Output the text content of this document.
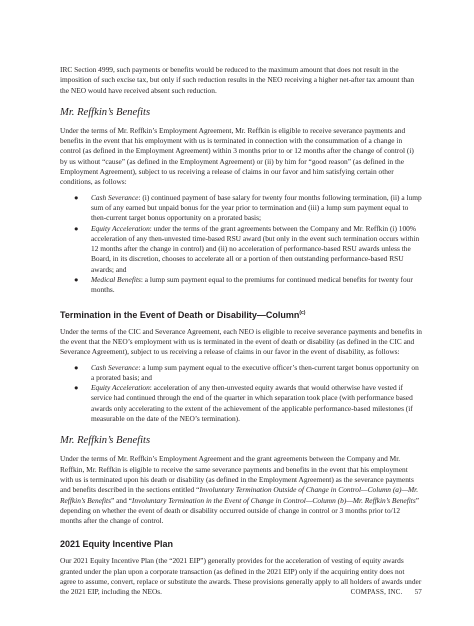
IRC Section 4999, such payments or benefits would be reduced to the maximum amount that does not result in the imposition of such excise tax, but only if such reduction results in the NEO receiving a higher net-after tax amount than the NEO would have received absent such reduction.

Mr. Reffkin’s Benefits

Under the terms of Mr. Reffkin’s Employment Agreement, Mr. Reffkin is eligible to receive severance payments and benefits in the event that his employment with us is terminated in connection with the consummation of a change in control (as defined in the Employment Agreement) within 3 months prior to or 12 months after the change of control (i) by us without “cause” (as defined in the Employment Agreement) or (ii) by him for “good reason” (as defined in the Employment Agreement), subject to us receiving a release of claims in our favor and him satisfying certain other conditions, as follows:

● Cash Severance: (i) continued payment of base salary for twenty four months following termination, (ii) a lump sum of any earned but unpaid bonus for the year prior to termination and (iii) a lump sum payment equal to then-current target bonus opportunity on a prorated basis;
● Equity Acceleration: under the terms of the grant agreements between the Company and Mr. Reffkin (i) 100% acceleration of any then-unvested time-based RSU award (but only in the event such termination occurs within 12 months after the change in control) and (ii) no acceleration of performance-based RSU awards unless the Board, in its discretion, chooses to accelerate all or a portion of then outstanding performance-based RSU awards; and
● Medical Benefits: a lump sum payment equal to the premiums for continued medical benefits for twenty four months.

Termination in the Event of Death or Disability—Column$^{(c)}$

Under the terms of the CIC and Severance Agreement, each NEO is eligible to receive severance payments and benefits in the event that the NEO’s employment with us is terminated in the event of death or disability (as defined in the CIC and Severance Agreement), subject to us receiving a release of claims in our favor in the event of disability, as follows:

● Cash Severance: a lump sum payment equal to the executive officer’s then-current target bonus opportunity on a prorated basis; and
● Equity Acceleration: acceleration of any then-unvested equity awards that would otherwise have vested if service had continued through the end of the quarter in which separation took place (with performance based awards only accelerating to the extent of the achievement of the applicable performance-based milestones (if measurable on the date of the NEO’s termination).

Mr. Reffkin’s Benefits

Under the terms of Mr. Reffkin’s Employment Agreement and the grant agreements between the Company and Mr. Reffkin, Mr. Reffkin is eligible to receive the same severance payments and benefits in the event that his employment with us is terminated upon his death or disability (as defined in the Employment Agreement) as the severance payments and benefits described in the sections entitled “Involuntary Termination Outside of Change in Control—Column (a)—Mr. Reffkin’s Benefits” and “Involuntary Termination in the Event of Change in Control—Column (b)—Mr. Reffkin’s Benefits” depending on whether the event of death or disability occurred outside of change in control or 3 months prior to/12 months after the change of control.

2021 Equity Incentive Plan

Our 2021 Equity Incentive Plan (the “2021 EIP”) generally provides for the acceleration of vesting of equity awards granted under the plan upon a corporate transaction (as defined in the 2021 EIP) only if the acquiring entity does not agree to assume, convert, replace or substitute the awards. These provisions generally apply to all holders of awards under the 2021 EIP, including the NEOs.	COMPASS, INC. 57
